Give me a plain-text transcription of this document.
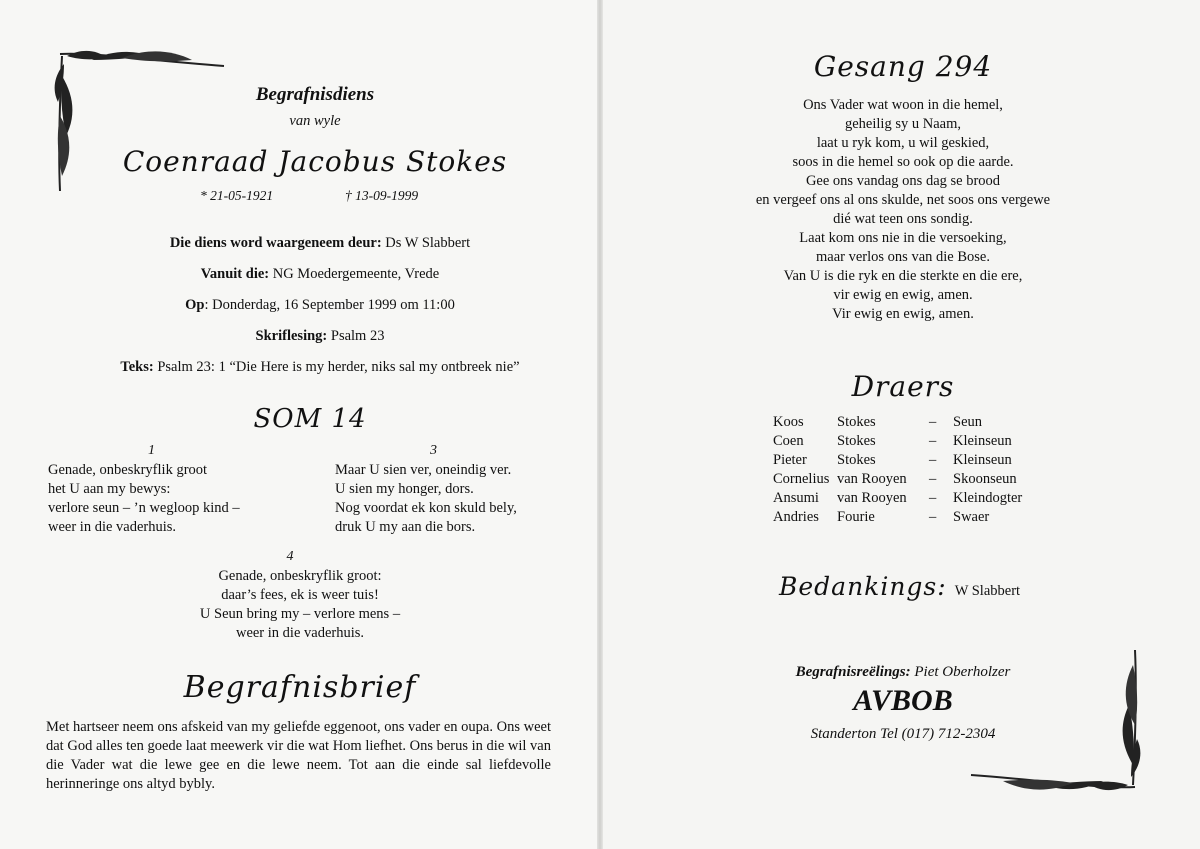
Begrafnisdiens
van wyle
Coenraad Jacobus Stokes
* 21-05-1921	† 13-09-1999
Die diens word waargeneem deur: Ds W Slabbert
Vanuit die: NG Moedergemeente, Vrede
Op: Donderdag, 16 September 1999 om 11:00
Skriflesing: Psalm 23
Teks: Psalm 23: 1 “Die Here is my herder, niks sal my ontbreek nie”
SOM 14
1
Genade, onbeskryflik groot
het U aan my bewys:
verlore seun – ’n wegloop kind –
weer in die vaderhuis.
3
Maar U sien ver, oneindig ver.
U sien my honger, dors.
Nog voordat ek kon skuld bely,
druk U my aan die bors.
4
Genade, onbeskryflik groot:
daar’s fees, ek is weer tuis!
U Seun bring my – verlore mens –
weer in die vaderhuis.
Begrafnisbrief
Met hartseer neem ons afskeid van my geliefde eggenoot, ons vader en oupa. Ons weet dat God alles ten goede laat meewerk vir die wat Hom liefhet. Ons berus in die wil van die Vader wat die lewe gee en die lewe neem. Tot aan die einde sal liefdevolle herinneringe ons altyd bybly.
Gesang 294
Ons Vader wat woon in die hemel,
geheilig sy u Naam,
laat u ryk kom, u wil geskied,
soos in die hemel so ook op die aarde.
Gee ons vandag ons dag se brood
en vergeef ons al ons skulde, net soos ons vergewe
dié wat teen ons sondig.
Laat kom ons nie in die versoeking,
maar verlos ons van die Bose.
Van U is die ryk en die sterkte en die ere,
vir ewig en ewig, amen.
Vir ewig en ewig, amen.
Draers
Koos	Stokes	–	Seun
Coen	Stokes	–	Kleinseun
Pieter	Stokes	–	Kleinseun
Cornelius	van Rooyen	–	Skoonseun
Ansumi	van Rooyen	–	Kleindogter
Andries	Fourie	–	Swaer
Bedankings: W Slabbert
Begrafnisreëlings: Piet Oberholzer
AVBOB
Standerton Tel (017) 712-2304
